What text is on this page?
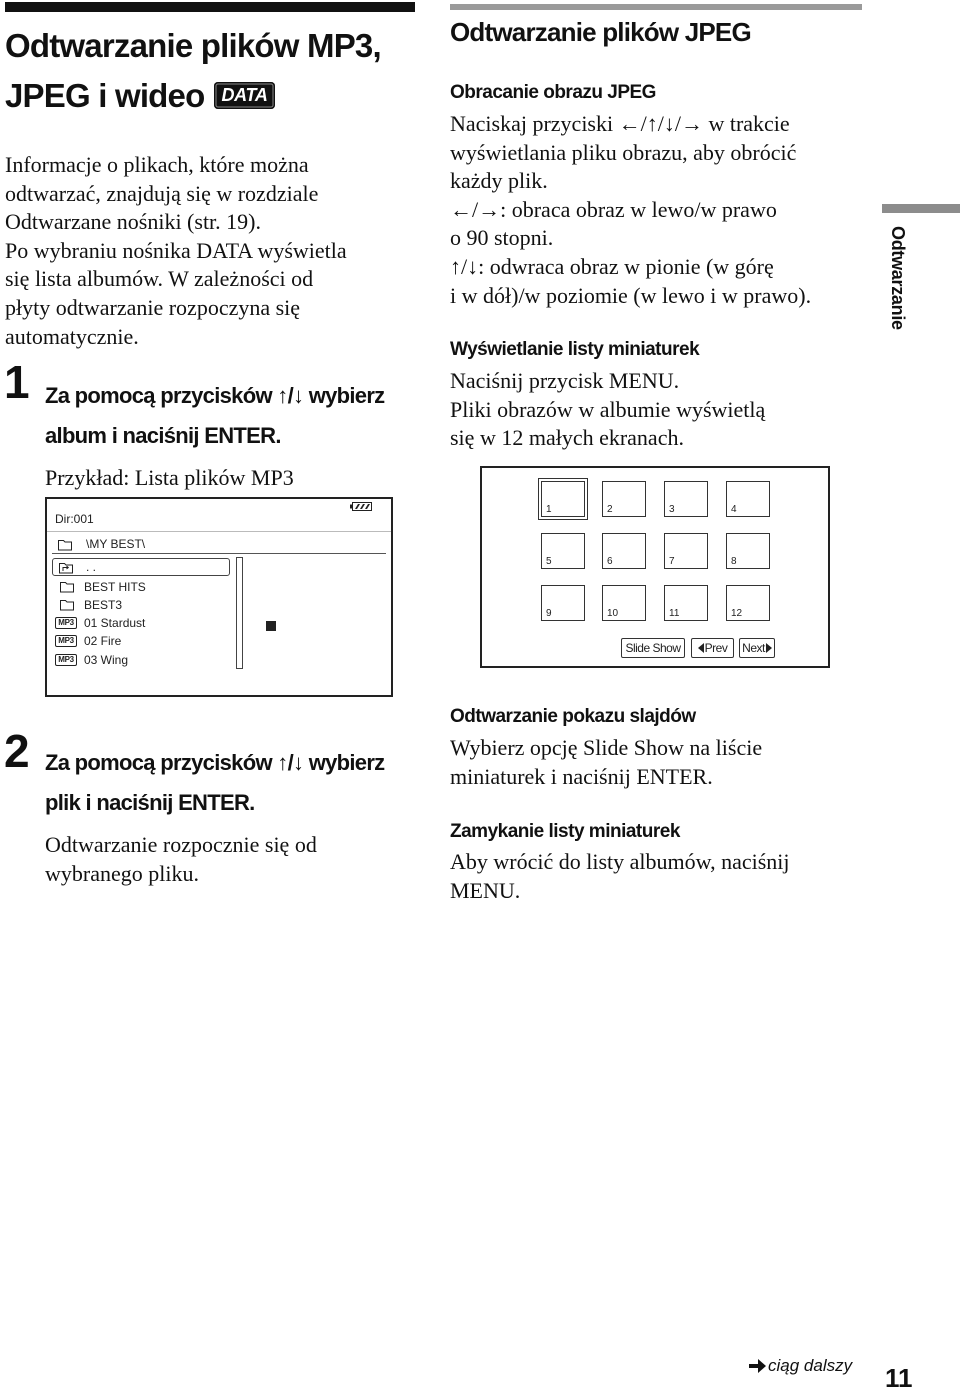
Odtwarzanie plików MP3,
JPEG i wideo DATA
Informacje o plikach, które można
odtwarzać, znajdują się w rozdziale
Odtwarzane nośniki (str. 19).
Po wybraniu nośnika DATA wyświetla
się lista albumów. W zależności od
płyty odtwarzanie rozpoczyna się
automatycznie.
1 Za pomocą przycisków ↑/↓ wybierz
album i naciśnij ENTER.
Przykład: Lista plików MP3
Dir:001
\MY BEST\
. .
BEST HITS
BEST3
MP3 01 Stardust
MP3 02 Fire
MP3 03 Wing
2 Za pomocą przycisków ↑/↓ wybierz
plik i naciśnij ENTER.
Odtwarzanie rozpocznie się od
wybranego pliku.
Odtwarzanie plików JPEG
Obracanie obrazu JPEG
Naciskaj przyciski ←/↑/↓/→ w trakcie
wyświetlania pliku obrazu, aby obrócić
każdy plik.
←/→: obraca obraz w lewo/w prawo
o 90 stopni.
↑/↓: odwraca obraz w pionie (w górę
i w dół)/w poziomie (w lewo i w prawo).
Wyświetlanie listy miniaturek
Naciśnij przycisk MENU.
Pliki obrazów w albumie wyświetlą
się w 12 małych ekranach.
1	2	3	4
5	6	7	8
9	10	11	12
Slide Show	Prev	Next
Odtwarzanie pokazu slajdów
Wybierz opcję Slide Show na liście
miniaturek i naciśnij ENTER.
Zamykanie listy miniaturek
Aby wrócić do listy albumów, naciśnij
MENU.
Odtwarzanie
ciąg dalszy 11
